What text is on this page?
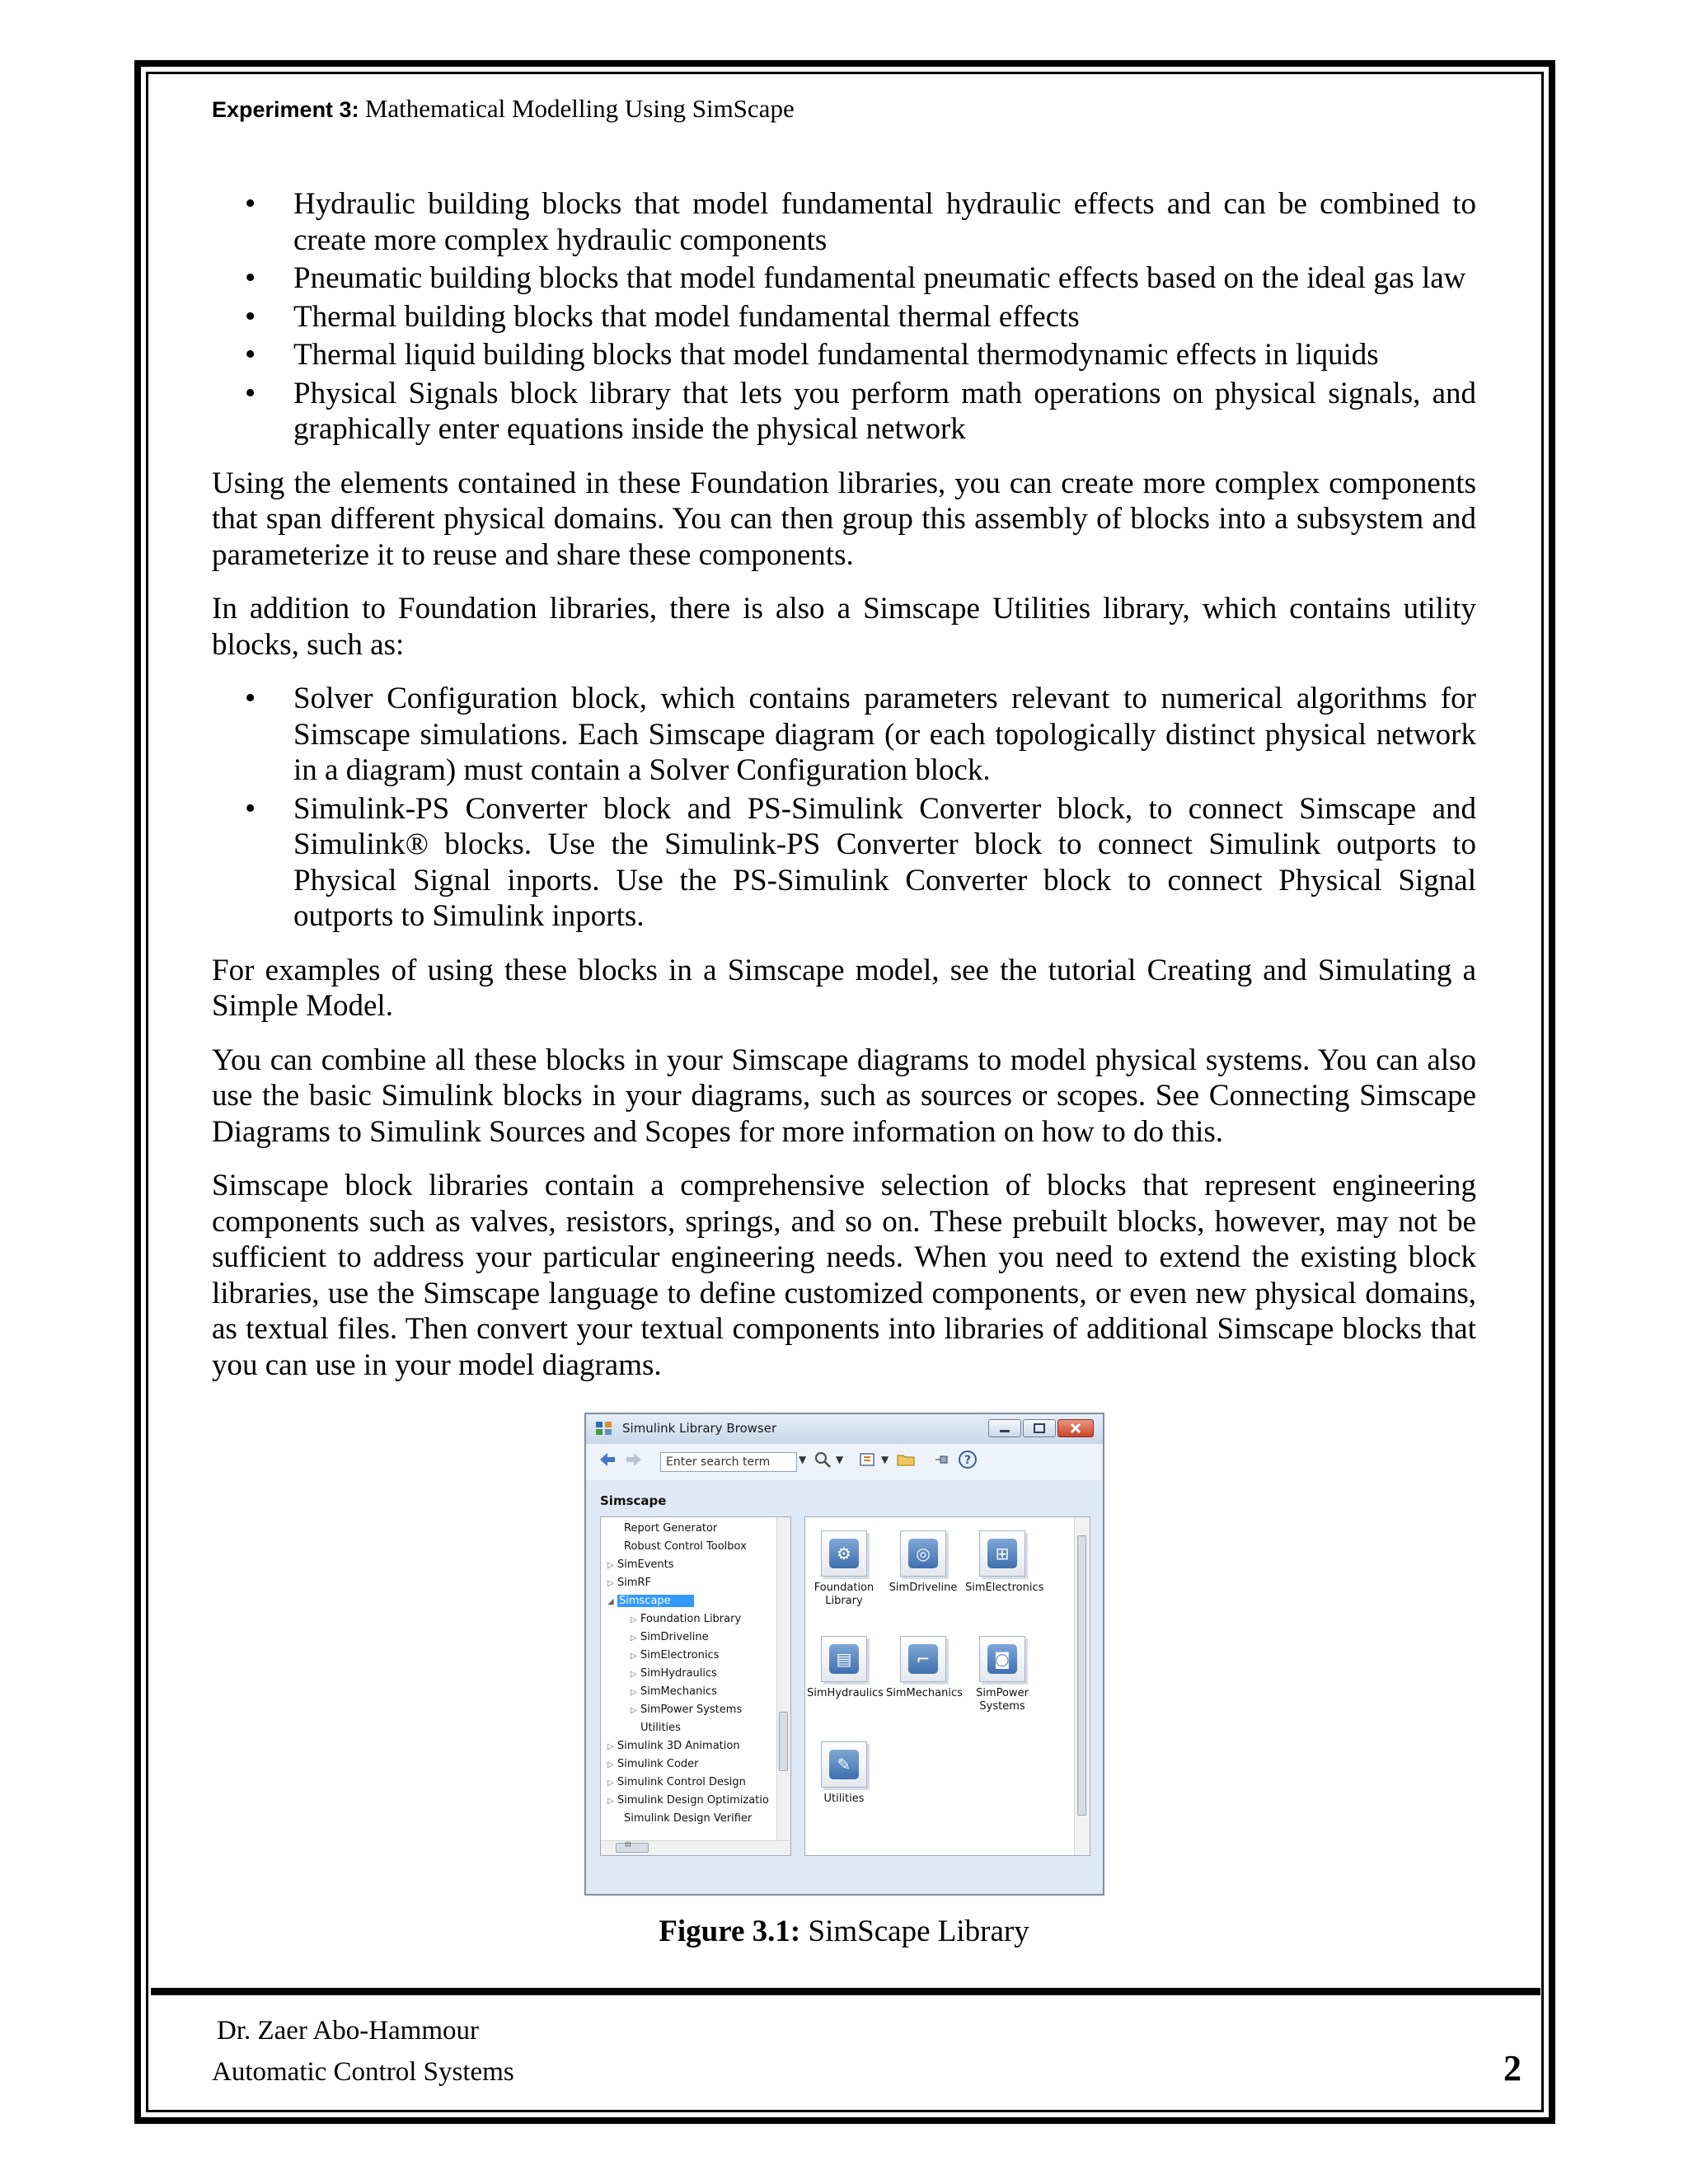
Experiment 3: Mathematical Modelling Using SimScape
• Hydraulic building blocks that model fundamental hydraulic effects and can be combined to create more complex hydraulic components
• Pneumatic building blocks that model fundamental pneumatic effects based on the ideal gas law
• Thermal building blocks that model fundamental thermal effects
• Thermal liquid building blocks that model fundamental thermodynamic effects in liquids
• Physical Signals block library that lets you perform math operations on physical signals, and graphically enter equations inside the physical network

Using the elements contained in these Foundation libraries, you can create more complex components that span different physical domains. You can then group this assembly of blocks into a subsystem and parameterize it to reuse and share these components.

In addition to Foundation libraries, there is also a Simscape Utilities library, which contains utility blocks, such as:

• Solver Configuration block, which contains parameters relevant to numerical algorithms for Simscape simulations. Each Simscape diagram (or each topologically distinct physical network in a diagram) must contain a Solver Configuration block.
• Simulink-PS Converter block and PS-Simulink Converter block, to connect Simscape and Simulink® blocks. Use the Simulink-PS Converter block to connect Simulink outports to Physical Signal inports. Use the PS-Simulink Converter block to connect Physical Signal outports to Simulink inports.

For examples of using these blocks in a Simscape model, see the tutorial Creating and Simulating a Simple Model.

You can combine all these blocks in your Simscape diagrams to model physical systems. You can also use the basic Simulink blocks in your diagrams, such as sources or scopes. See Connecting Simscape Diagrams to Simulink Sources and Scopes for more information on how to do this.

Simscape block libraries contain a comprehensive selection of blocks that represent engineering components such as valves, resistors, springs, and so on. These prebuilt blocks, however, may not be sufficient to address your particular engineering needs. When you need to extend the existing block libraries, use the Simscape language to define customized components, or even new physical domains, as textual files. Then convert your textual components into libraries of additional Simscape blocks that you can use in your model diagrams.

Simulink Library Browser
▼	▼	▼	?
Enter search term
Simscape
Report Generator
Robust Control Toolbox
▷ SimEvents
▷ SimRF
◢ Simscape
▷ Foundation Library
▷ SimDriveline
▷ SimElectronics
▷ SimHydraulics
▷ SimMechanics
▷ SimPower Systems
Utilities
▷ Simulink 3D Animation
▷ Simulink Coder
▷ Simulink Control Design
▷ Simulink Design Optimizatio
Simulink Design Verifier
III
⚙
Foundation Library
◎
SimDriveline
⊞
SimElectronics
▤
SimHydraulics
⌐
SimMechanics
◙
SimPower Systems
✎
Utilities
Figure 3.1: SimScape Library
Dr. Zaer Abo-Hammour
Automatic Control Systems	2
